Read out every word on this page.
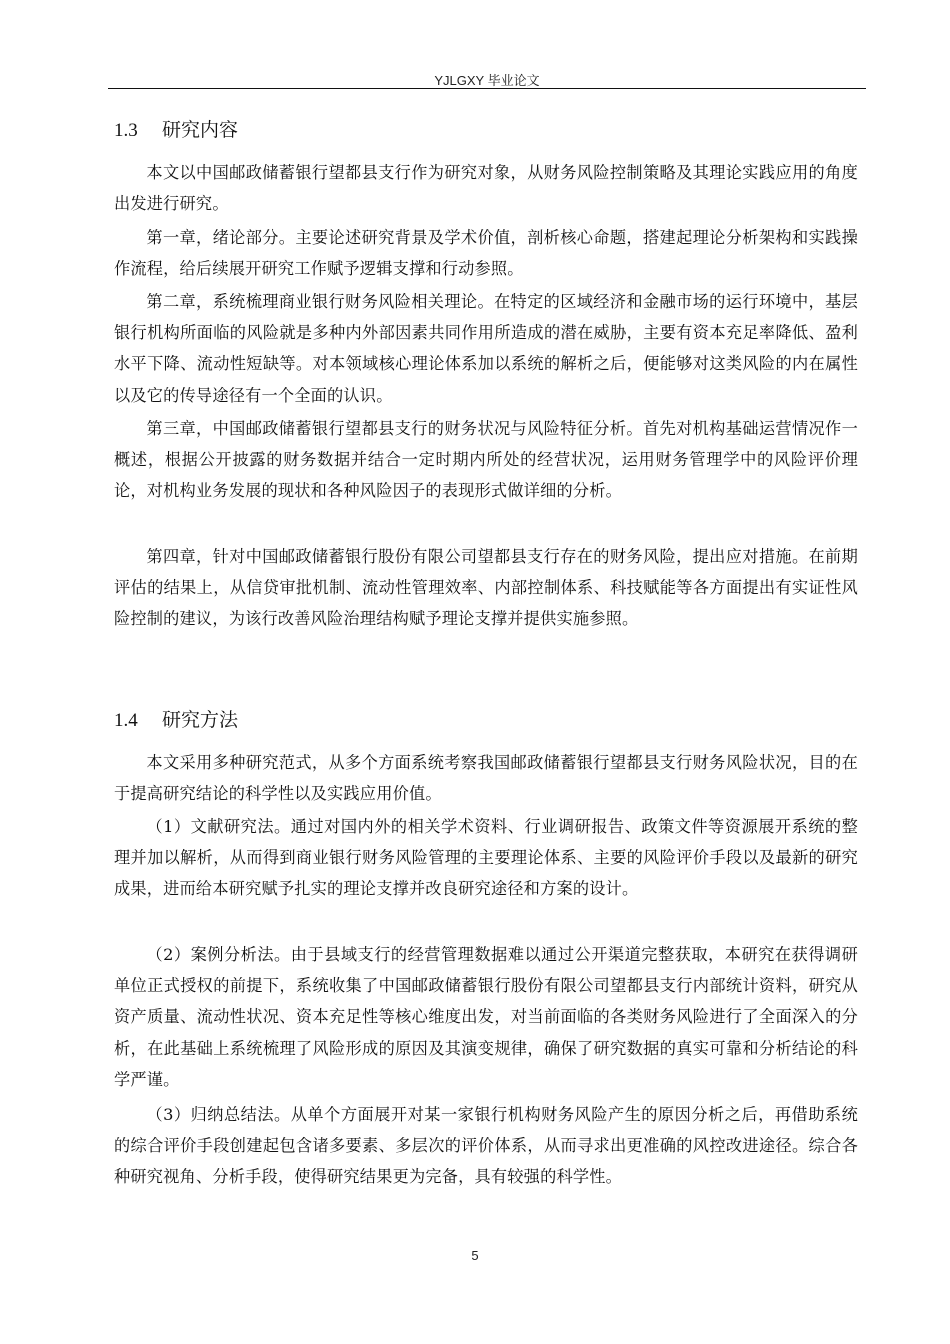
YJLGXY 毕业论文
1.3 研究内容

本文以中国邮政储蓄银行望都县支行作为研究对象，从财务风险控制策略及其理论实践应用的角度出发进行研究。

第一章，绪论部分。主要论述研究背景及学术价值，剖析核心命题，搭建起理论分析架构和实践操作流程，给后续展开研究工作赋予逻辑支撑和行动参照。

第二章，系统梳理商业银行财务风险相关理论。在特定的区域经济和金融市场的运行环境中，基层银行机构所面临的风险就是多种内外部因素共同作用所造成的潜在威胁，主要有资本充足率降低、盈利水平下降、流动性短缺等。对本领域核心理论体系加以系统的解析之后，便能够对这类风险的内在属性以及它的传导途径有一个全面的认识。

第三章，中国邮政储蓄银行望都县支行的财务状况与风险特征分析。首先对机构基础运营情况作一概述，根据公开披露的财务数据并结合一定时期内所处的经营状况，运用财务管理学中的风险评价理论，对机构业务发展的现状和各种风险因子的表现形式做详细的分析。

第四章，针对中国邮政储蓄银行股份有限公司望都县支行存在的财务风险，提出应对措施。在前期评估的结果上，从信贷审批机制、流动性管理效率、内部控制体系、科技赋能等各方面提出有实证性风险控制的建议，为该行改善风险治理结构赋予理论支撑并提供实施参照。

1.4 研究方法

本文采用多种研究范式，从多个方面系统考察我国邮政储蓄银行望都县支行财务风险状况，目的在于提高研究结论的科学性以及实践应用价值。

（1）文献研究法。通过对国内外的相关学术资料、行业调研报告、政策文件等资源展开系统的整理并加以解析，从而得到商业银行财务风险管理的主要理论体系、主要的风险评价手段以及最新的研究成果，进而给本研究赋予扎实的理论支撑并改良研究途径和方案的设计。

（2）案例分析法。由于县域支行的经营管理数据难以通过公开渠道完整获取，本研究在获得调研单位正式授权的前提下，系统收集了中国邮政储蓄银行股份有限公司望都县支行内部统计资料，研究从资产质量、流动性状况、资本充足性等核心维度出发，对当前面临的各类财务风险进行了全面深入的分析，在此基础上系统梳理了风险形成的原因及其演变规律，确保了研究数据的真实可靠和分析结论的科学严谨。

（3）归纳总结法。从单个方面展开对某一家银行机构财务风险产生的原因分析之后，再借助系统的综合评价手段创建起包含诸多要素、多层次的评价体系，从而寻求出更准确的风控改进途径。综合各种研究视角、分析手段，使得研究结果更为完备，具有较强的科学性。

5
